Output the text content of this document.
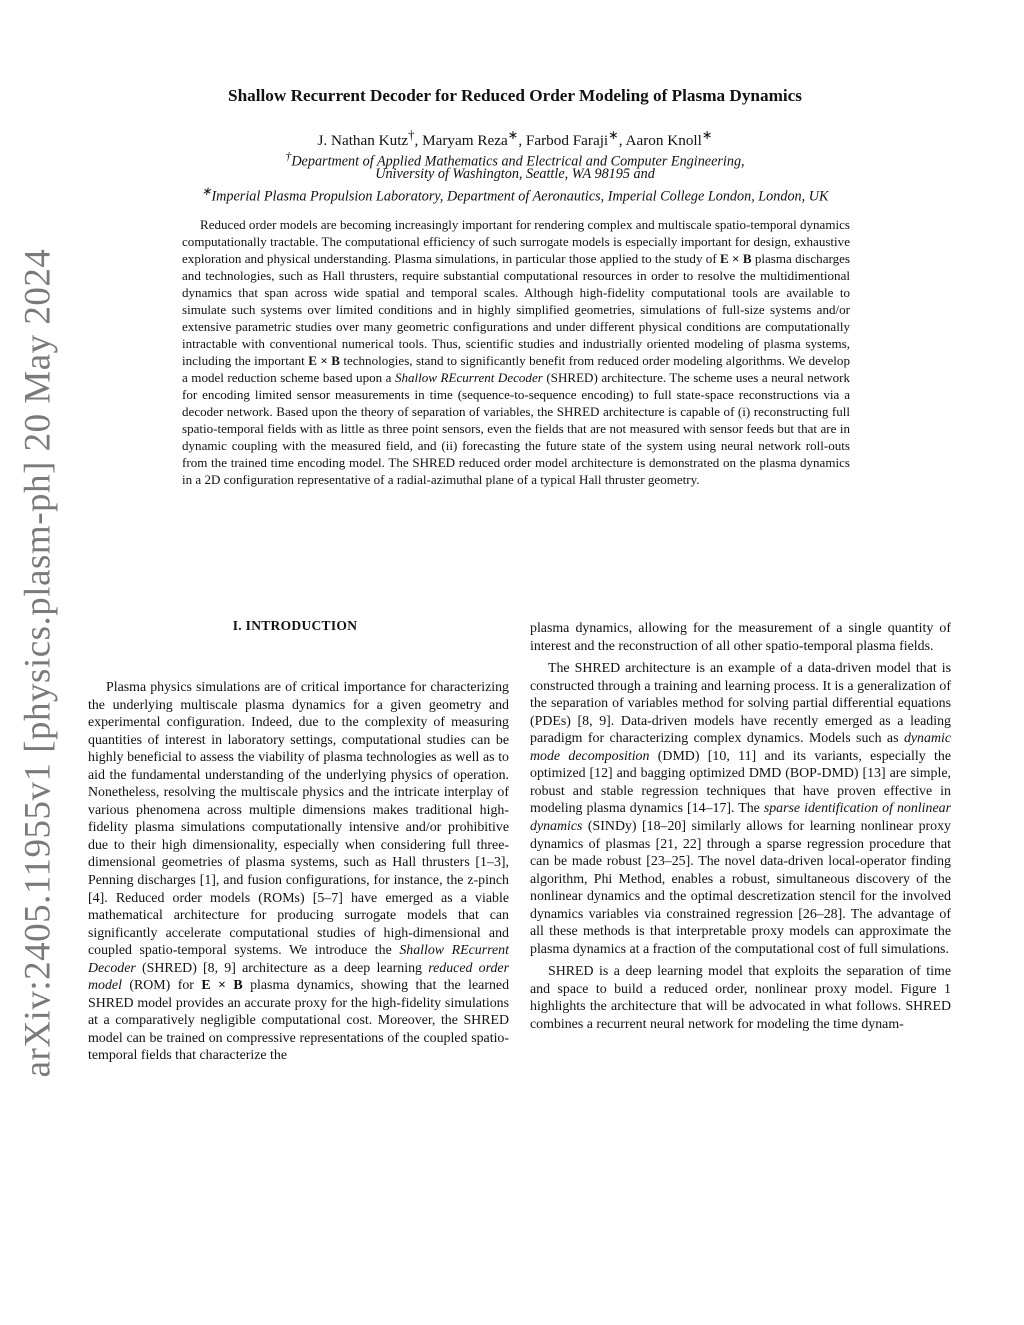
arXiv:2405.11955v1 [physics.plasm-ph] 20 May 2024
Shallow Recurrent Decoder for Reduced Order Modeling of Plasma Dynamics
J. Nathan Kutz†, Maryam Reza∗, Farbod Faraji∗, Aaron Knoll∗
†Department of Applied Mathematics and Electrical and Computer Engineering,
University of Washington, Seattle, WA 98195 and
∗Imperial Plasma Propulsion Laboratory, Department of Aeronautics, Imperial College London, London, UK
Reduced order models are becoming increasingly important for rendering complex and multiscale spatio-temporal dynamics computationally tractable. The computational efficiency of such surrogate models is especially important for design, exhaustive exploration and physical understanding. Plasma simulations, in particular those applied to the study of E × B plasma discharges and technologies, such as Hall thrusters, require substantial computational resources in order to resolve the multidimentional dynamics that span across wide spatial and temporal scales. Although high-fidelity computational tools are available to simulate such systems over limited conditions and in highly simplified geometries, simulations of full-size systems and/or extensive parametric studies over many geometric configurations and under different physical conditions are computationally intractable with conventional numerical tools. Thus, scientific studies and industrially oriented modeling of plasma systems, including the important E × B technologies, stand to significantly benefit from reduced order modeling algorithms. We develop a model reduction scheme based upon a Shallow REcurrent Decoder (SHRED) architecture. The scheme uses a neural network for encoding limited sensor measurements in time (sequence-to-sequence encoding) to full state-space reconstructions via a decoder network. Based upon the theory of separation of variables, the SHRED architecture is capable of (i) reconstructing full spatio-temporal fields with as little as three point sensors, even the fields that are not measured with sensor feeds but that are in dynamic coupling with the measured field, and (ii) forecasting the future state of the system using neural network roll-outs from the trained time encoding model. The SHRED reduced order model architecture is demonstrated on the plasma dynamics in a 2D configuration representative of a radial-azimuthal plane of a typical Hall thruster geometry.
I. INTRODUCTION

Plasma physics simulations are of critical importance for characterizing the underlying multiscale plasma dynamics for a given geometry and experimental configuration. Indeed, due to the complexity of measuring quantities of interest in laboratory settings, computational studies can be highly beneficial to assess the viability of plasma technologies as well as to aid the fundamental understanding of the underlying physics of operation. Nonetheless, resolving the multiscale physics and the intricate interplay of various phenomena across multiple dimensions makes traditional high-fidelity plasma simulations computationally intensive and/or prohibitive due to their high dimensionality, especially when considering full three-dimensional geometries of plasma systems, such as Hall thrusters [1–3], Penning discharges [1], and fusion configurations, for instance, the z-pinch [4]. Reduced order models (ROMs) [5–7] have emerged as a viable mathematical architecture for producing surrogate models that can significantly accelerate computational studies of high-dimensional and coupled spatio-temporal systems. We introduce the Shallow REcurrent Decoder (SHRED) [8, 9] architecture as a deep learning reduced order model (ROM) for E × B plasma dynamics, showing that the learned SHRED model provides an accurate proxy for the high-fidelity simulations at a comparatively negligible computational cost. Moreover, the SHRED model can be trained on compressive representations of the coupled spatio-temporal fields that characterize the

plasma dynamics, allowing for the measurement of a single quantity of interest and the reconstruction of all other spatio-temporal plasma fields.

The SHRED architecture is an example of a data-driven model that is constructed through a training and learning process. It is a generalization of the separation of variables method for solving partial differential equations (PDEs) [8, 9]. Data-driven models have recently emerged as a leading paradigm for characterizing complex dynamics. Models such as dynamic mode decomposition (DMD) [10, 11] and its variants, especially the optimized [12] and bagging optimized DMD (BOP-DMD) [13] are simple, robust and stable regression techniques that have proven effective in modeling plasma dynamics [14–17]. The sparse identification of nonlinear dynamics (SINDy) [18–20] similarly allows for learning nonlinear proxy dynamics of plasmas [21, 22] through a sparse regression procedure that can be made robust [23–25]. The novel data-driven local-operator finding algorithm, Phi Method, enables a robust, simultaneous discovery of the nonlinear dynamics and the optimal descretization stencil for the involved dynamics variables via constrained regression [26–28]. The advantage of all these methods is that interpretable proxy models can approximate the plasma dynamics at a fraction of the computational cost of full simulations.

SHRED is a deep learning model that exploits the separation of time and space to build a reduced order, nonlinear proxy model. Figure 1 highlights the architecture that will be advocated in what follows. SHRED combines a recurrent neural network for modeling the time dynam-
